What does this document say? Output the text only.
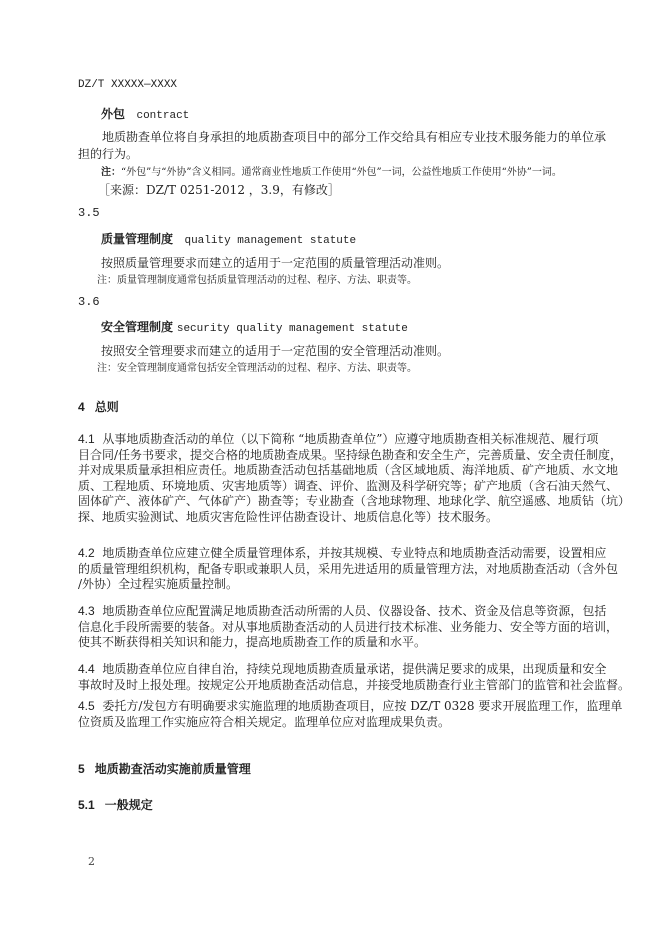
DZ/T XXXXX—XXXX
外包 contract
地质勘查单位将自身承担的地质勘查项目中的部分工作交给具有相应专业技术服务能力的单位承
担的行为。
注：“外包”与“外协”含义相同。通常商业性地质工作使用“外包”一词，公益性地质工作使用“外协”一词。
［来源：DZ/T 0251-2012 ，3.9，有修改］
3.5
质量管理制度 quality management statute
按照质量管理要求而建立的适用于一定范围的质量管理活动准则。
注：质量管理制度通常包括质量管理活动的过程、程序、方法、职责等。
3.6
安全管理制度 security quality management statute
按照安全管理要求而建立的适用于一定范围的安全管理活动准则。
注：安全管理制度通常包括安全管理活动的过程、程序、方法、职责等。
4 总则
4.1 从事地质勘查活动的单位（以下简称 “地质勘查单位”）应遵守地质勘查相关标准规范、履行项
目合同/任务书要求，提交合格的地质勘查成果。坚持绿色勘查和安全生产，完善质量、安全责任制度，
并对成果质量承担相应责任。地质勘查活动包括基础地质（含区域地质、海洋地质、矿产地质、水文地
质、工程地质、环境地质、灾害地质等）调查、评价、监测及科学研究等；矿产地质（含石油天然气、
固体矿产、液体矿产、气体矿产）勘查等；专业勘查（含地球物理、地球化学、航空遥感、地质钻（坑）
探、地质实验测试、地质灾害危险性评估勘查设计、地质信息化等）技术服务。
4.2 地质勘查单位应建立健全质量管理体系，并按其规模、专业特点和地质勘查活动需要，设置相应
的质量管理组织机构，配备专职或兼职人员，采用先进适用的质量管理方法，对地质勘查活动（含外包
/外协）全过程实施质量控制。
4.3 地质勘查单位应配置满足地质勘查活动所需的人员、仪器设备、技术、资金及信息等资源，包括
信息化手段所需要的装备。对从事地质勘查活动的人员进行技术标准、业务能力、安全等方面的培训，
使其不断获得相关知识和能力，提高地质勘查工作的质量和水平。
4.4 地质勘查单位应自律自治，持续兑现地质勘查质量承诺，提供满足要求的成果，出现质量和安全
事故时及时上报处理。按规定公开地质勘查活动信息，并接受地质勘查行业主管部门的监管和社会监督。
4.5 委托方/发包方有明确要求实施监理的地质勘查项目，应按 DZ/T 0328 要求开展监理工作，监理单
位资质及监理工作实施应符合相关规定。监理单位应对监理成果负责。
5 地质勘查活动实施前质量管理
5.1 一般规定
2
